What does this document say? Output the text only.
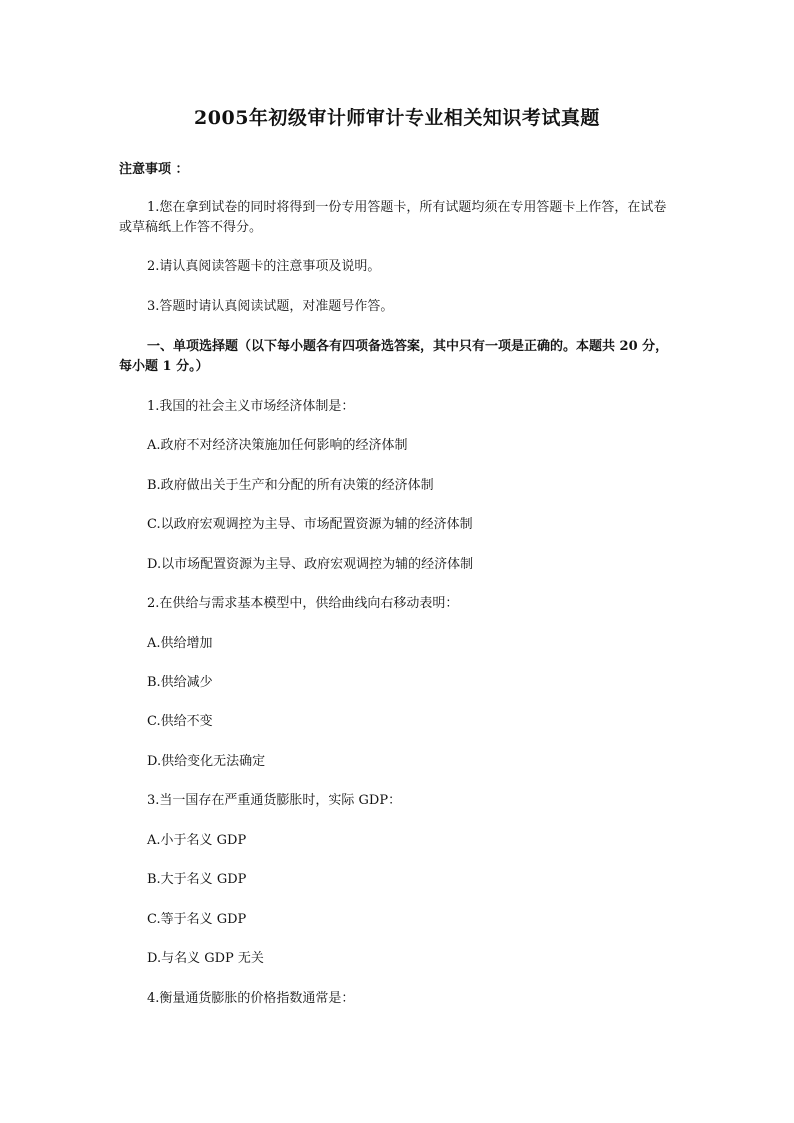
2005年初级审计师审计专业相关知识考试真题
注意事项 ：
1.您在拿到试卷的同时将得到一份专用答题卡，所有试题均须在专用答题卡上作答，在试卷或草稿纸上作答不得分。
2.请认真阅读答题卡的注意事项及说明。
3.答题时请认真阅读试题，对准题号作答。
一、单项选择题（以下每小题各有四项备选答案，其中只有一项是正确的。本题共 20 分，每小题 1 分。）
1.我国的社会主义市场经济体制是：
A.政府不对经济决策施加任何影响的经济体制
B.政府做出关于生产和分配的所有决策的经济体制
C.以政府宏观调控为主导、市场配置资源为辅的经济体制
D.以市场配置资源为主导、政府宏观调控为辅的经济体制
2.在供给与需求基本模型中，供给曲线向右移动表明：
A.供给增加
B.供给减少
C.供给不变
D.供给变化无法确定
3.当一国存在严重通货膨胀时，实际 GDP：
A.小于名义 GDP
B.大于名义 GDP
C.等于名义 GDP
D.与名义 GDP 无关
4.衡量通货膨胀的价格指数通常是：
